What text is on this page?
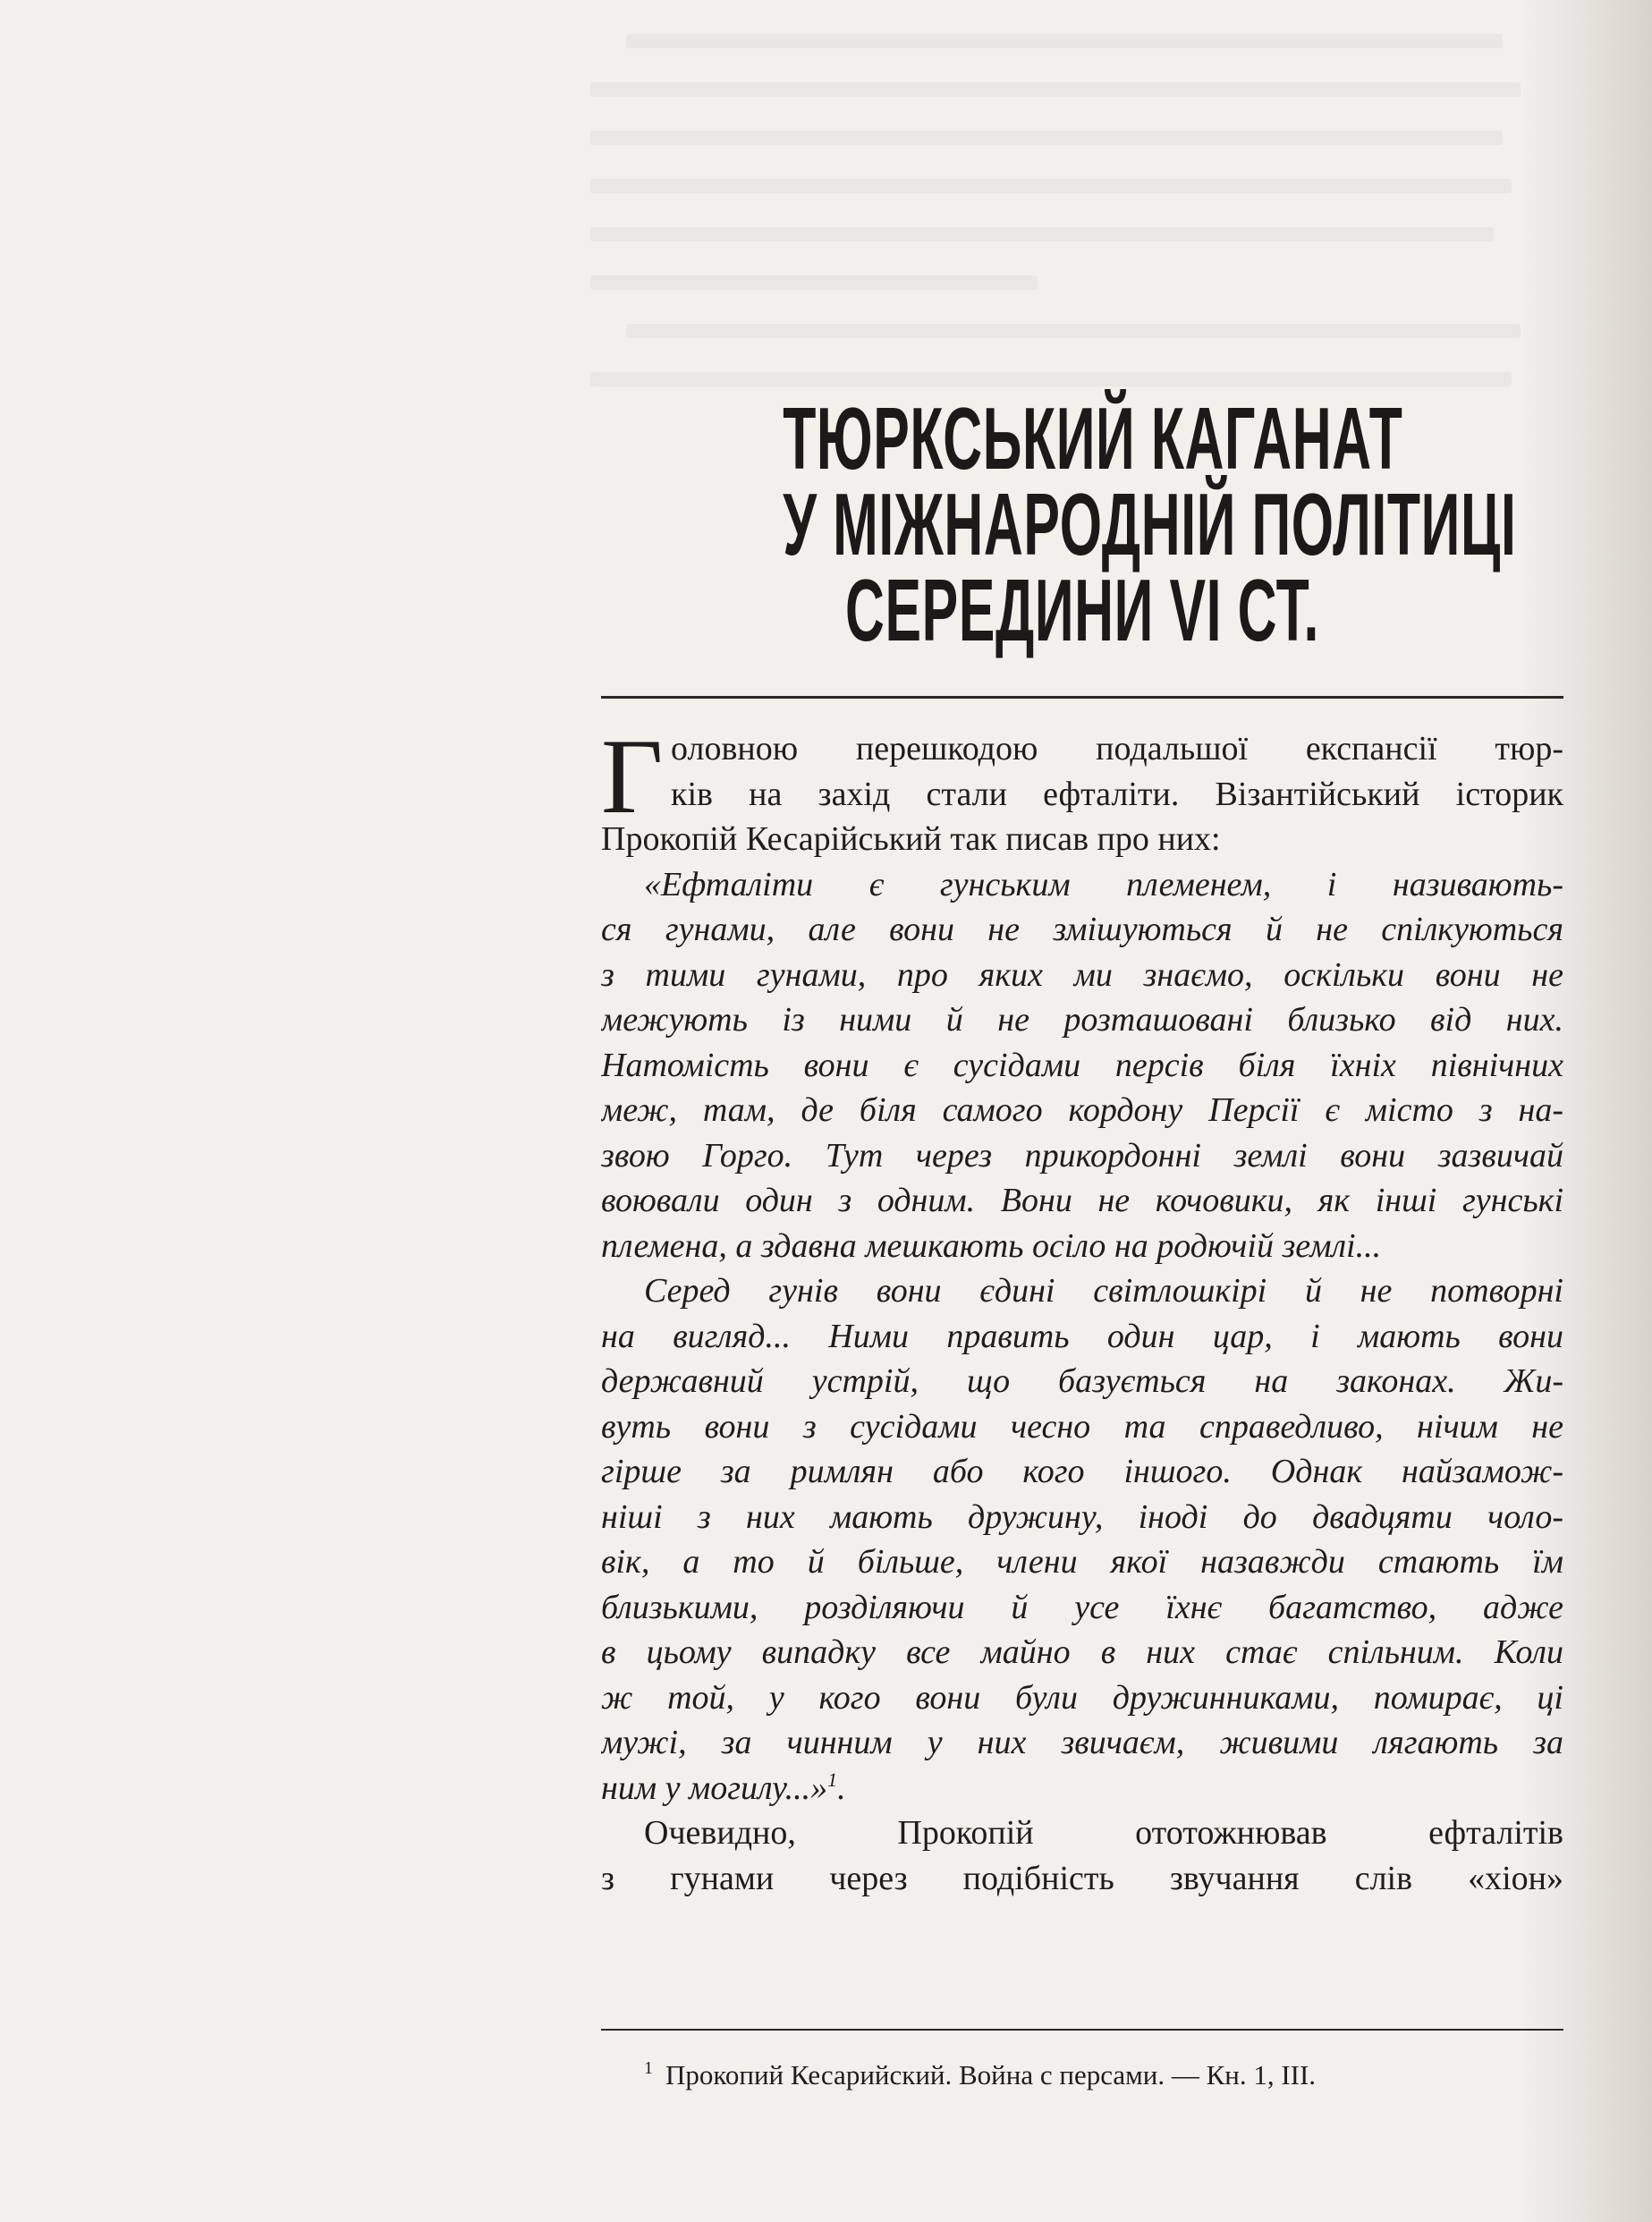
ТЮРКСЬКИЙ КАГАНАТ
У МІЖНАРОДНІЙ ПОЛІТИЦІ
СЕРЕДИНИ VI СТ.
Г оловною перешкодою подальшої експансії тюр-
ків на захід стали ефталіти. Візантійський історик
Прокопій Кесарійський так писав про них:
«Ефталіти є гунським племенем, і називають-
ся гунами, але вони не змішуються й не спілкуються
з тими гунами, про яких ми знаємо, оскільки вони не
межують із ними й не розташовані близько від них.
Натомість вони є сусідами персів біля їхніх північних
меж, там, де біля самого кордону Персії є місто з на-
звою Горго. Тут через прикордонні землі вони зазвичай
воювали один з одним. Вони не кочовики, як інші гунські
племена, а здавна мешкають осіло на родючій землі...
Серед гунів вони єдині світлошкірі й не потворні
на вигляд... Ними править один цар, і мають вони
державний устрій, що базується на законах. Жи-
вуть вони з сусідами чесно та справедливо, нічим не
гірше за римлян або кого іншого. Однак найзамож-
ніші з них мають дружину, іноді до двадцяти чоло-
вік, а то й більше, члени якої назавжди стають їм
близькими, розділяючи й усе їхнє багатство, адже
в цьому випадку все майно в них стає спільним. Коли
ж той, у кого вони були дружинниками, помирає, ці
мужі, за чинним у них звичаєм, живими лягають за
ним у могилу...»$^1$.
Очевидно, Прокопій ототожнював ефталітів
з гунами через подібність звучання слів «хіон»
$^1$ Прокопий Кесарийский. Война с персами. — Кн. 1, III.
